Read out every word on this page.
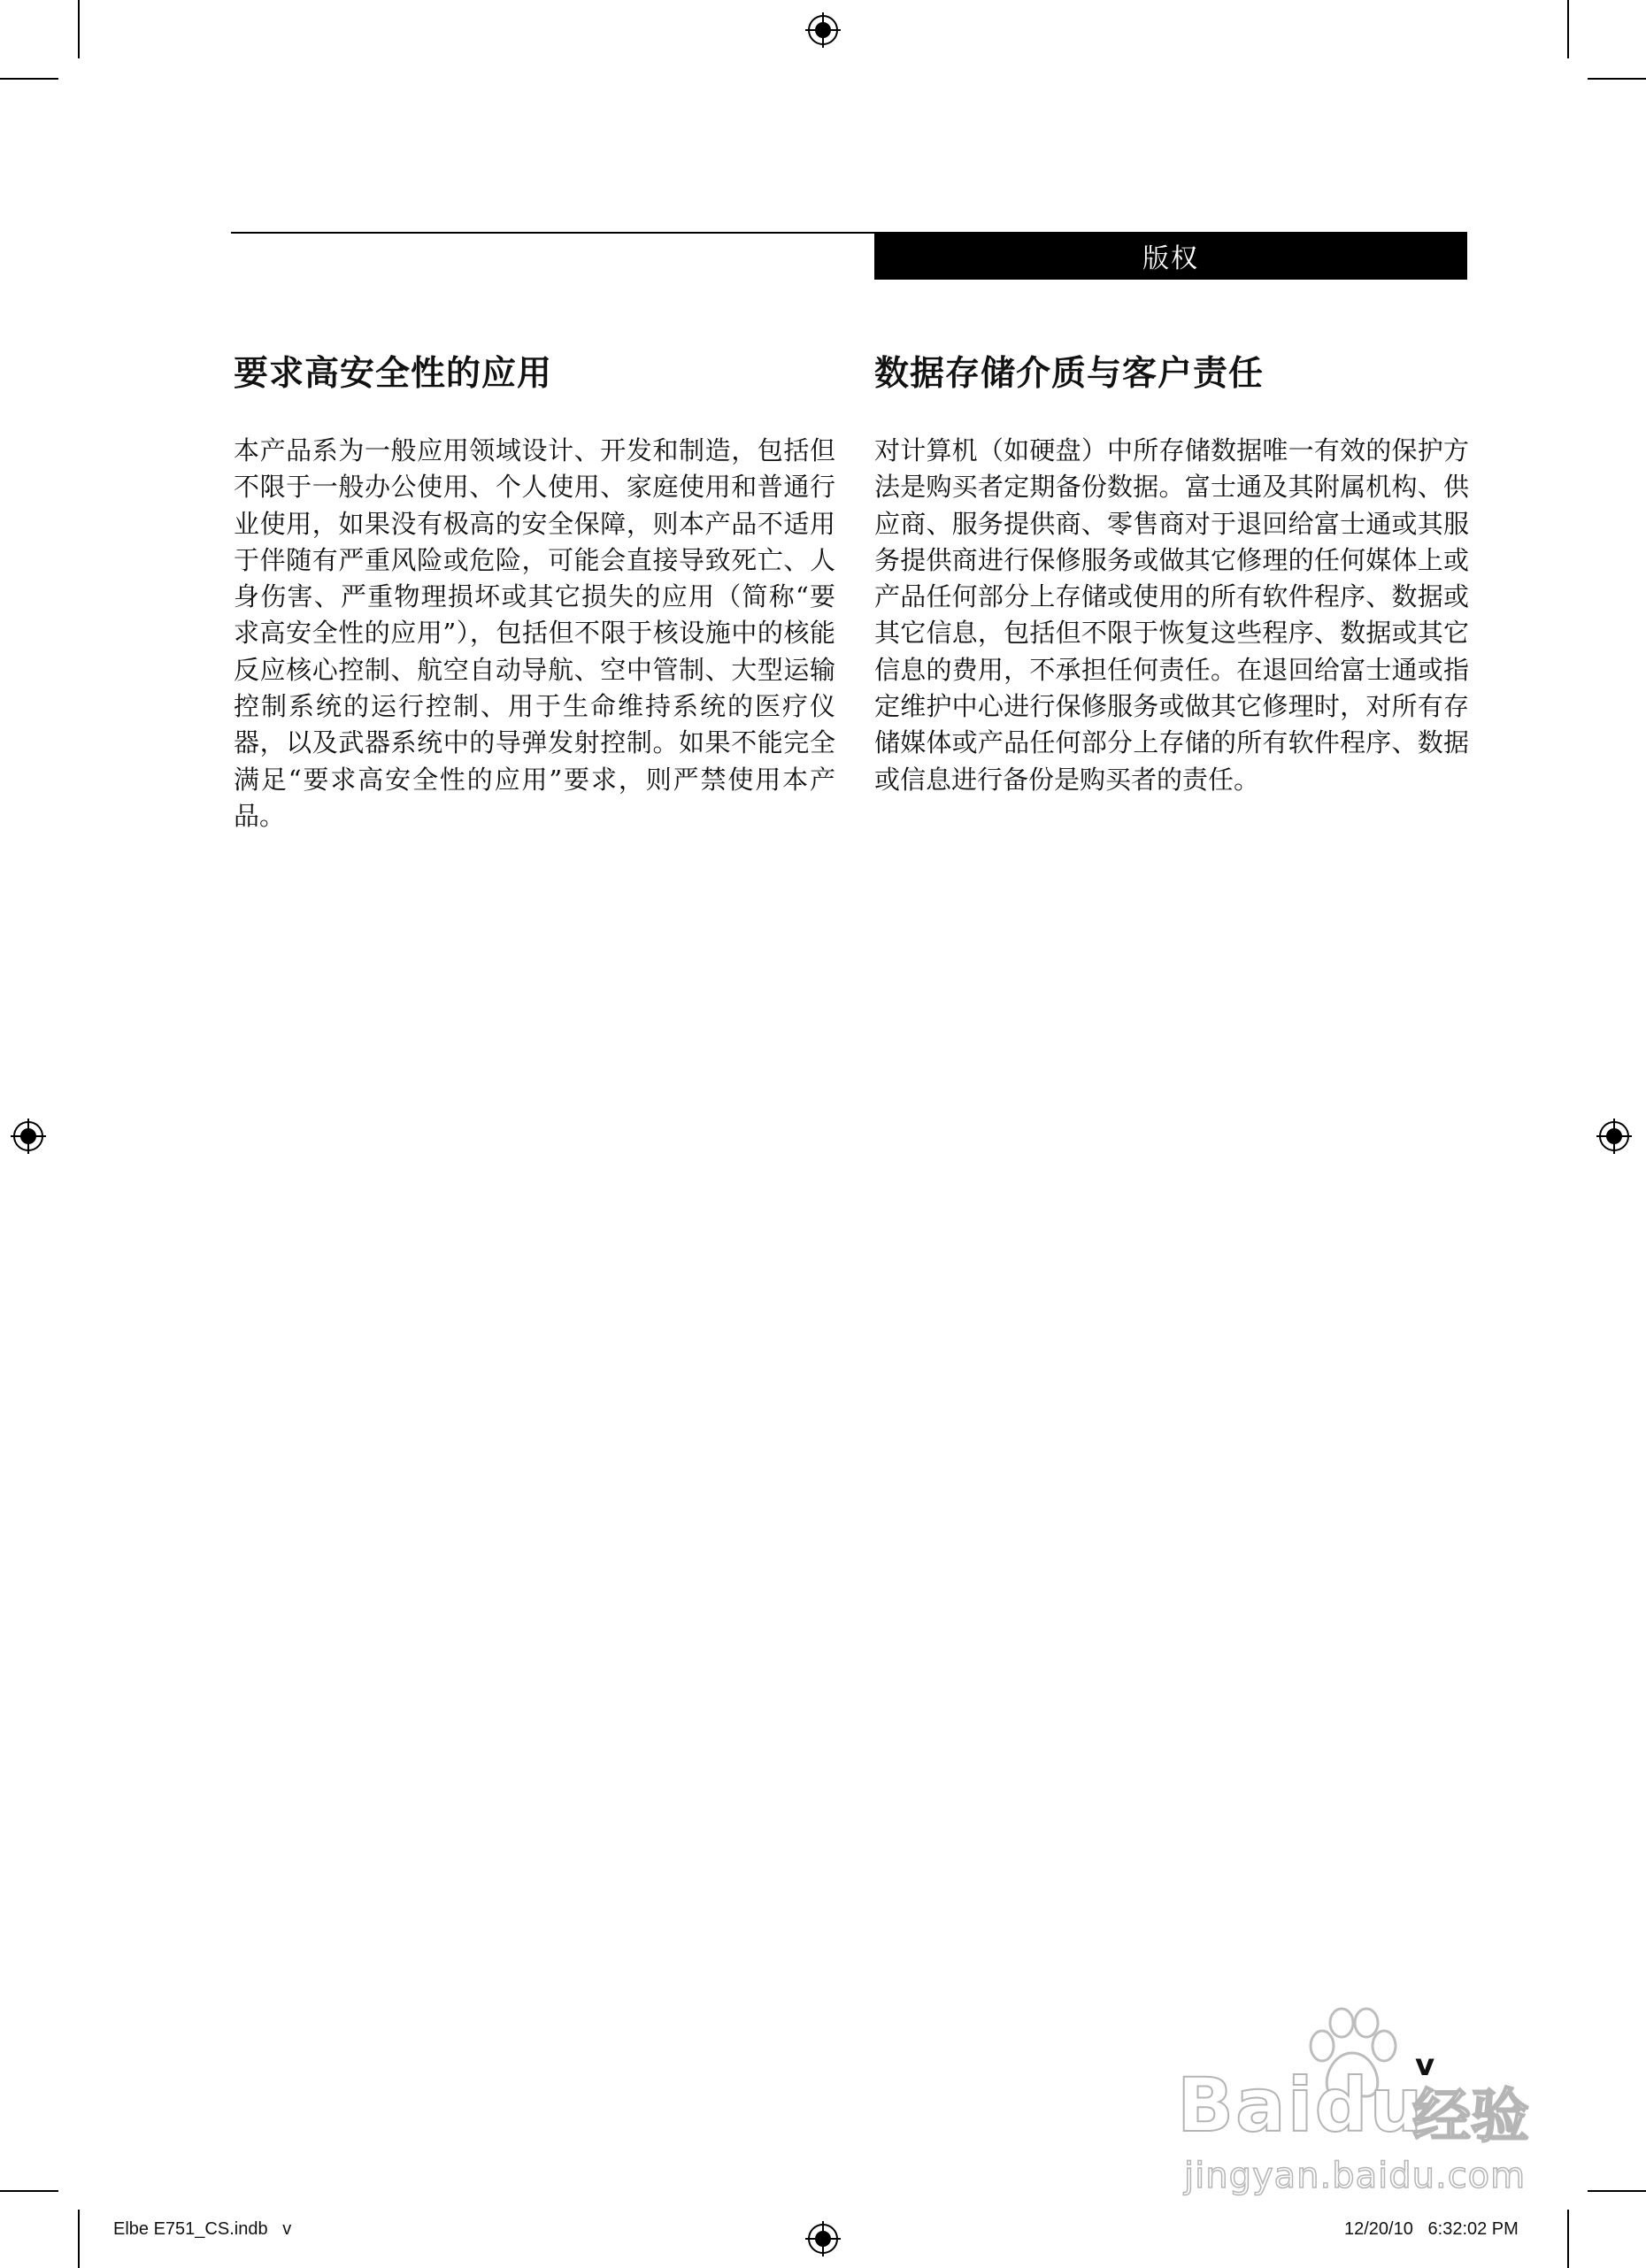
版权
要求高安全性的应用

本产品系为一般应用领域设计、开发和制造，包括但不限于一般办公使用、个人使用、家庭使用和普通行业使用，如果没有极高的安全保障，则本产品不适用于伴随有严重风险或危险，可能会直接导致死亡、人身伤害、严重物理损坏或其它损失的应用（简称“要求高安全性的应用”），包括但不限于核设施中的核能反应核心控制、航空自动导航、空中管制、大型运输控制系统的运行控制、用于生命维持系统的医疗仪器，以及武器系统中的导弹发射控制。如果不能完全满足“要求高安全性的应用”要求，则严禁使用本产品。

数据存储介质与客户责任

对计算机（如硬盘）中所存储数据唯一有效的保护方法是购买者定期备份数据。富士通及其附属机构、供应商、服务提供商、零售商对于退回给富士通或其服务提供商进行保修服务或做其它修理的任何媒体上或产品任何部分上存储或使用的所有软件程序、数据或其它信息，包括但不限于恢复这些程序、数据或其它信息的费用，不承担任何责任。在退回给富士通或指定维护中心进行保修服务或做其它修理时，对所有存储媒体或产品任何部分上存储的所有软件程序、数据或信息进行备份是购买者的责任。

Baidu
经验
jingyan.baidu.com
v
Elbe E751_CS.indb   v	12/20/10   6:32:02 PM
